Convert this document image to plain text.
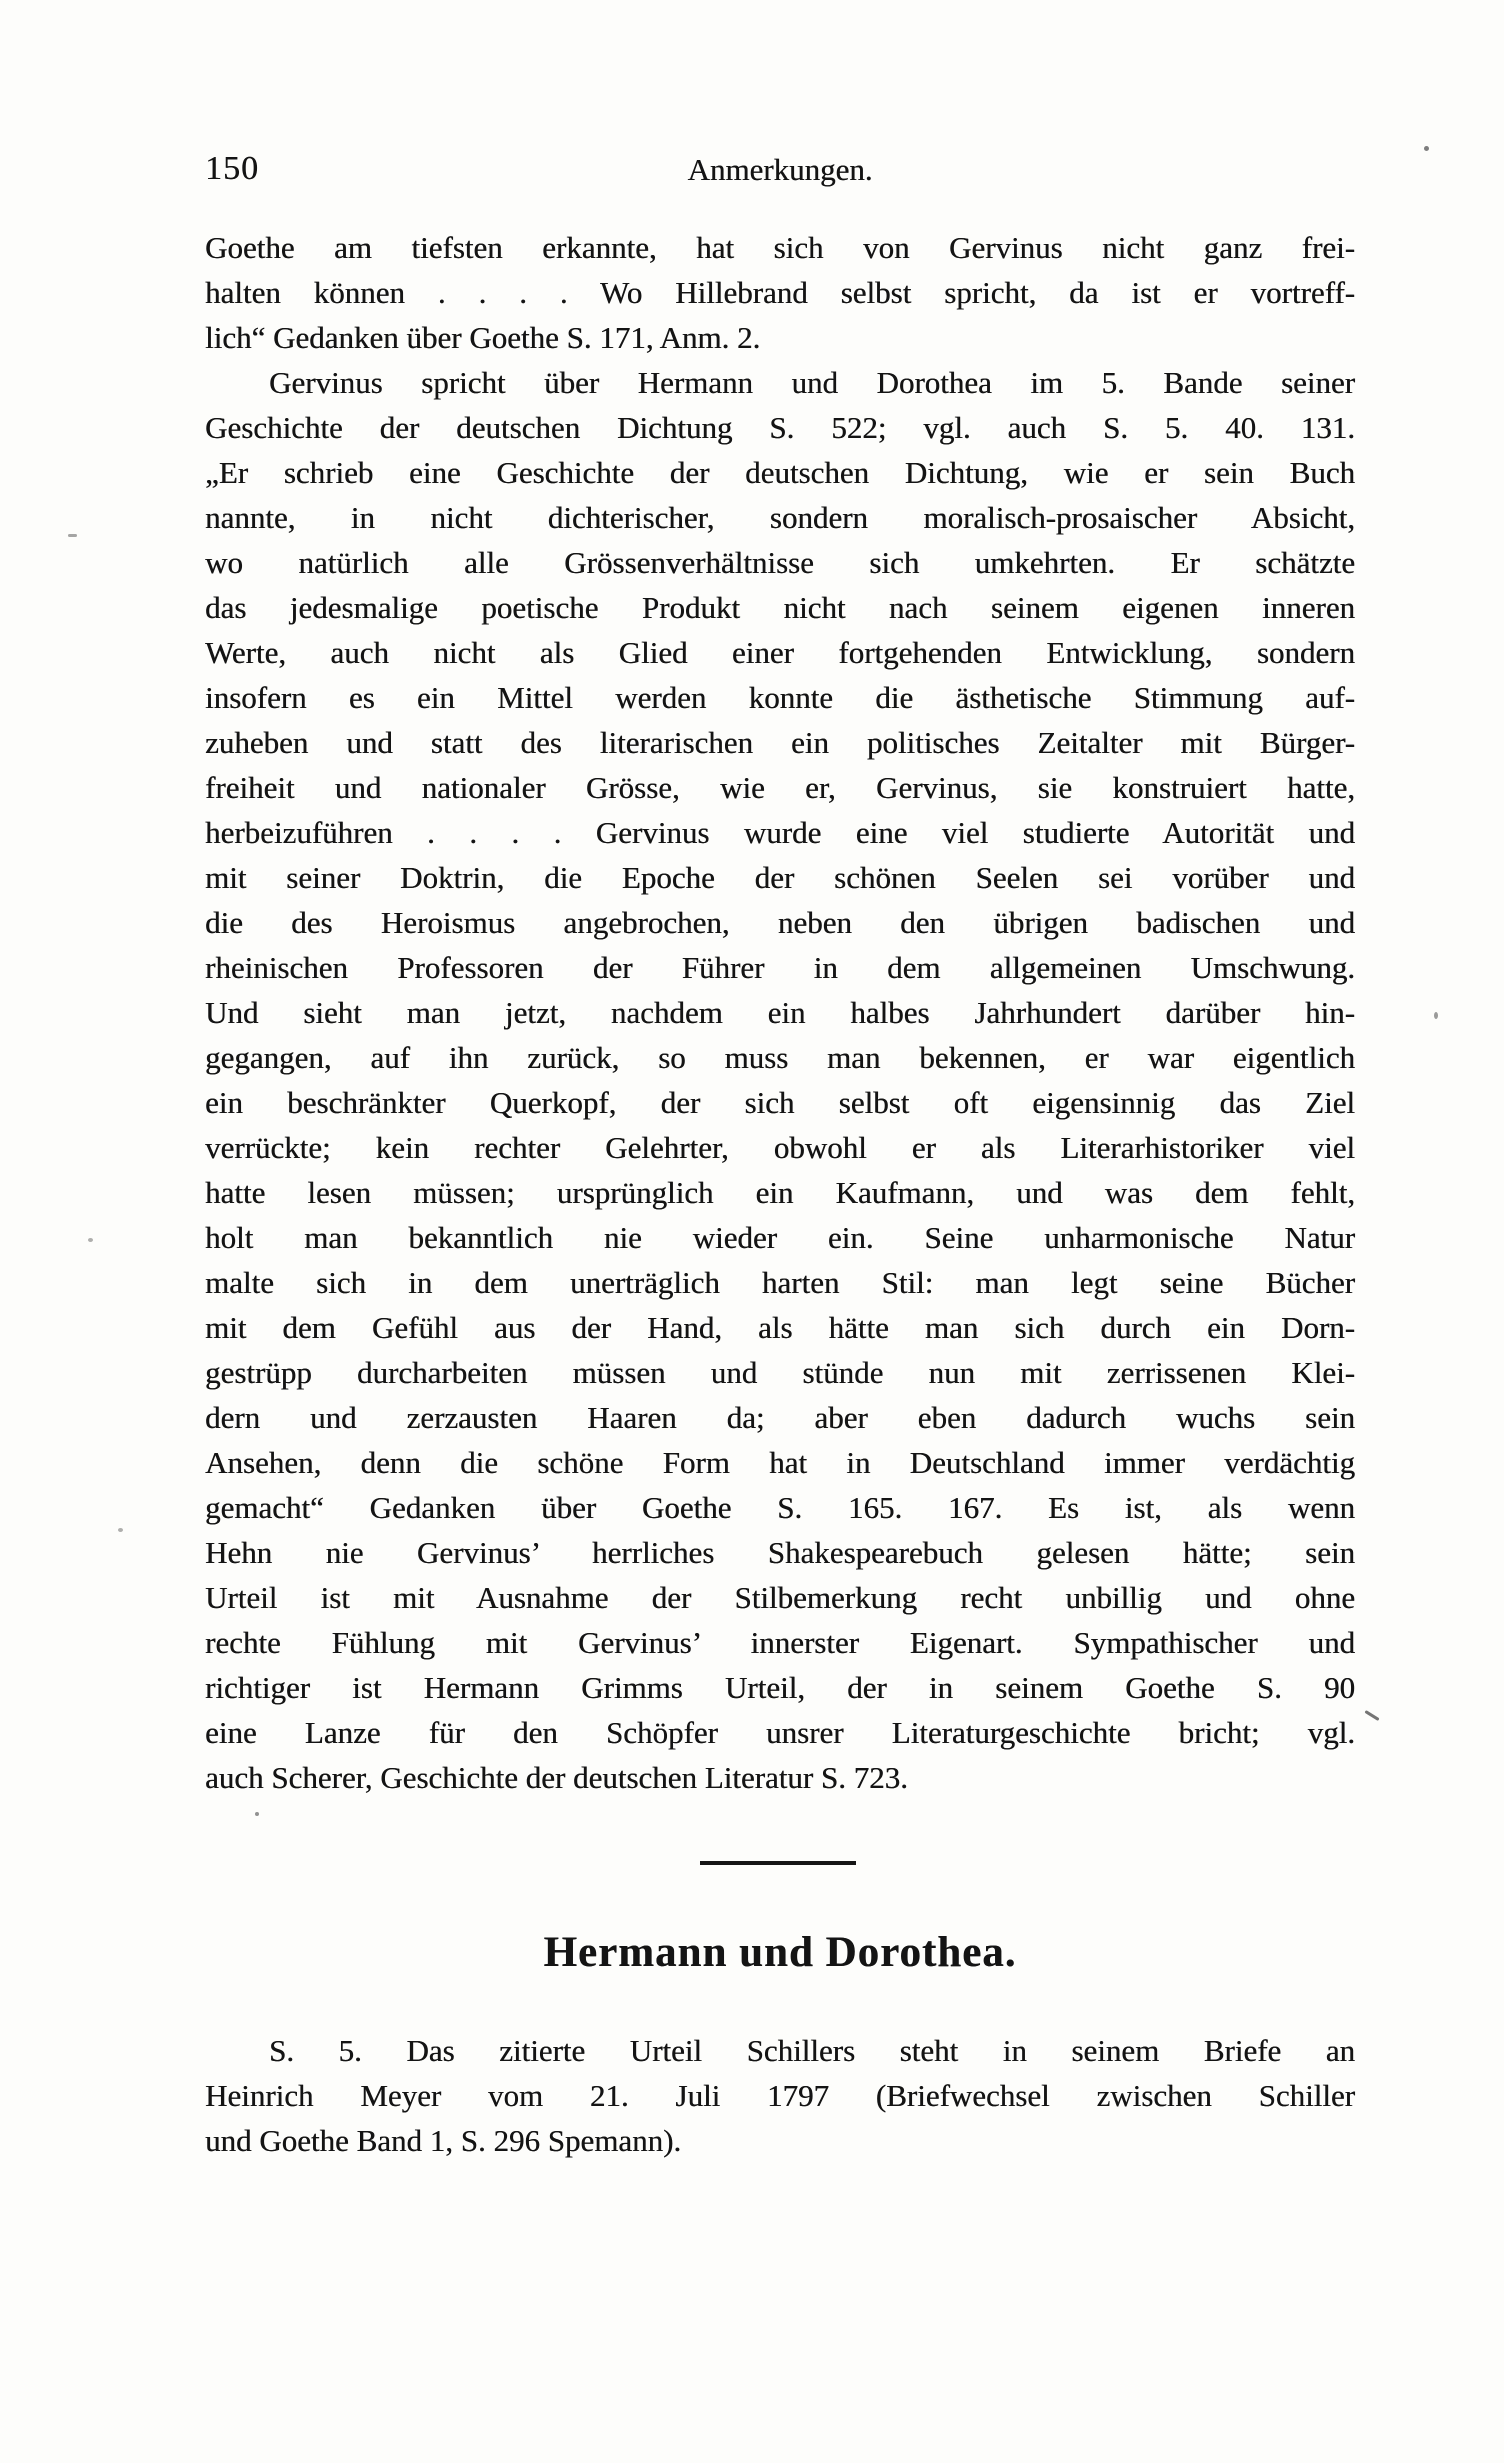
150	Anmerkungen.

Goethe am tiefsten erkannte, hat sich von Gervinus nicht ganz frei-

halten können . . . . Wo Hillebrand selbst spricht, da ist er vortreff-

lich“ Gedanken über Goethe S. 171, Anm. 2.

Gervinus spricht über Hermann und Dorothea im 5. Bande seiner

Geschichte der deutschen Dichtung S. 522; vgl. auch S. 5. 40. 131.

„Er schrieb eine Geschichte der deutschen Dichtung, wie er sein Buch

nannte, in nicht dichterischer, sondern moralisch-prosaischer Absicht,

wo natürlich alle Grössenverhältnisse sich umkehrten. Er schätzte

das jedesmalige poetische Produkt nicht nach seinem eigenen inneren

Werte, auch nicht als Glied einer fortgehenden Entwicklung, sondern

insofern es ein Mittel werden konnte die ästhetische Stimmung auf-

zuheben und statt des literarischen ein politisches Zeitalter mit Bürger-

freiheit und nationaler Grösse, wie er, Gervinus, sie konstruiert hatte,

herbeizuführen . . . . Gervinus wurde eine viel studierte Autorität und

mit seiner Doktrin, die Epoche der schönen Seelen sei vorüber und

die des Heroismus angebrochen, neben den übrigen badischen und

rheinischen Professoren der Führer in dem allgemeinen Umschwung.

Und sieht man jetzt, nachdem ein halbes Jahrhundert darüber hin-

gegangen, auf ihn zurück, so muss man bekennen, er war eigentlich

ein beschränkter Querkopf, der sich selbst oft eigensinnig das Ziel

verrückte; kein rechter Gelehrter, obwohl er als Literarhistoriker viel

hatte lesen müssen; ursprünglich ein Kaufmann, und was dem fehlt,

holt man bekanntlich nie wieder ein. Seine unharmonische Natur

malte sich in dem unerträglich harten Stil: man legt seine Bücher

mit dem Gefühl aus der Hand, als hätte man sich durch ein Dorn-

gestrüpp durcharbeiten müssen und stünde nun mit zerrissenen Klei-

dern und zerzausten Haaren da; aber eben dadurch wuchs sein

Ansehen, denn die schöne Form hat in Deutschland immer verdächtig

gemacht“ Gedanken über Goethe S. 165. 167. Es ist, als wenn

Hehn nie Gervinus’ herrliches Shakespearebuch gelesen hätte; sein

Urteil ist mit Ausnahme der Stilbemerkung recht unbillig und ohne

rechte Fühlung mit Gervinus’ innerster Eigenart. Sympathischer und

richtiger ist Hermann Grimms Urteil, der in seinem Goethe S. 90

eine Lanze für den Schöpfer unsrer Literaturgeschichte bricht; vgl.

auch Scherer, Geschichte der deutschen Literatur S. 723.

Hermann und Dorothea.

S. 5. Das zitierte Urteil Schillers steht in seinem Briefe an

Heinrich Meyer vom 21. Juli 1797 (Briefwechsel zwischen Schiller

und Goethe Band 1, S. 296 Spemann).
